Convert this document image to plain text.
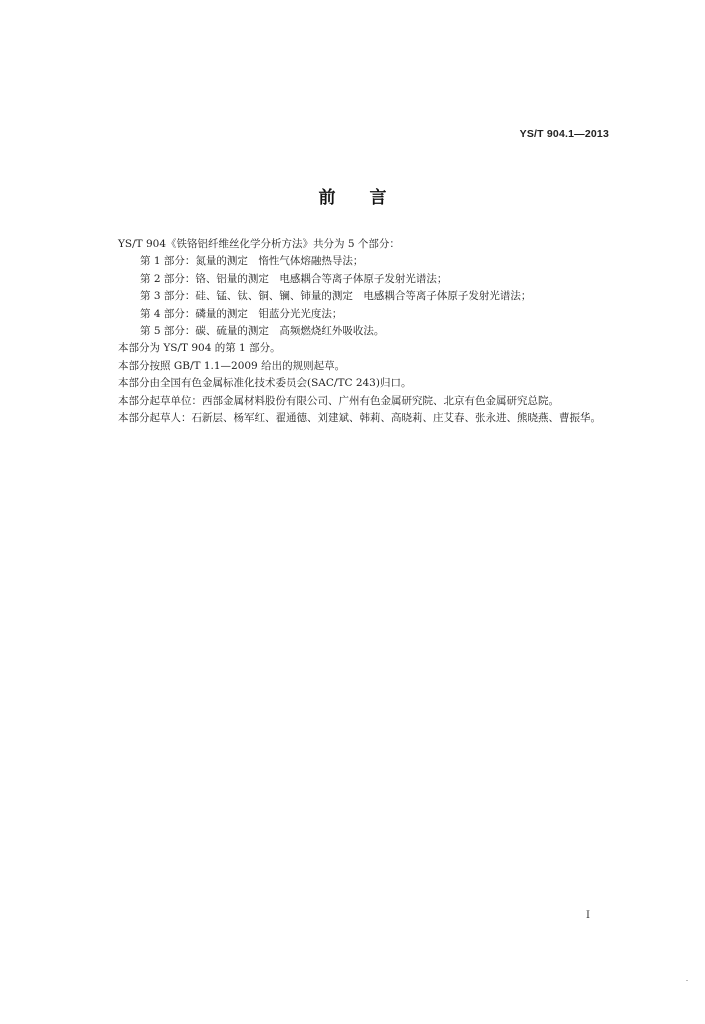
YS/T 904.1—2013
前 言
YS/T 904《铁铬铝纤维丝化学分析方法》共分为 5 个部分：
第 1 部分：氮量的测定　惰性气体熔融热导法；
第 2 部分：铬、铝量的测定　电感耦合等离子体原子发射光谱法；
第 3 部分：硅、锰、钛、铜、镧、铈量的测定　电感耦合等离子体原子发射光谱法；
第 4 部分：磷量的测定　钼蓝分光光度法；
第 5 部分：碳、硫量的测定　高频燃烧红外吸收法。
本部分为 YS/T 904 的第 1 部分。
本部分按照 GB/T 1.1—2009 给出的规则起草。
本部分由全国有色金属标准化技术委员会(SAC/TC 243)归口。
本部分起草单位：西部金属材料股份有限公司、广州有色金属研究院、北京有色金属研究总院。
本部分起草人：石新层、杨军红、翟通德、刘建斌、韩莉、高晓莉、庄艾春、张永进、熊晓燕、曹振华。
I
